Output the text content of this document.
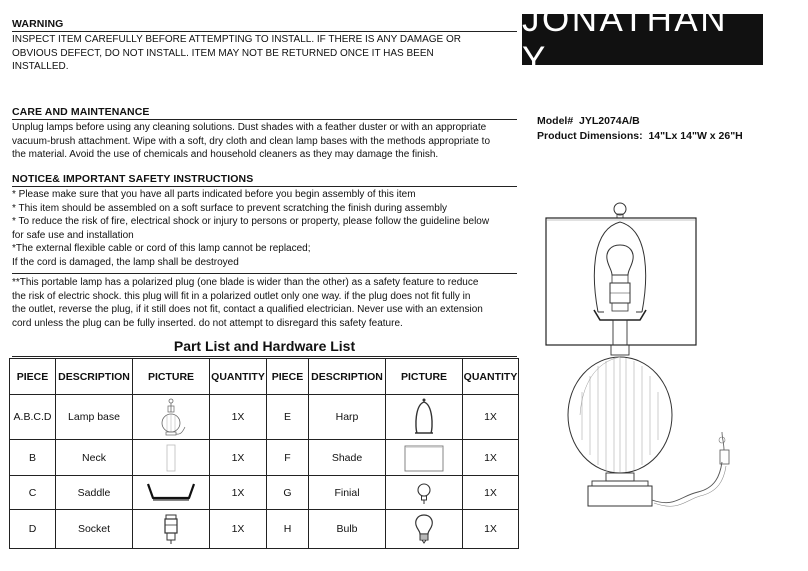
WARNING
INSPECT ITEM CAREFULLY BEFORE ATTEMPTING TO INSTALL. IF THERE IS ANY DAMAGE OR
OBVIOUS DEFECT, DO NOT INSTALL. ITEM MAY NOT BE RETURNED ONCE IT HAS BEEN
INSTALLED.
CARE AND MAINTENANCE
Unplug lamps before using any cleaning solutions. Dust shades with a feather duster or with an appropriate
vacuum-brush attachment. Wipe with a soft, dry cloth and clean lamp bases with the methods appropriate to
the material. Avoid the use of chemicals and household cleaners as they may damage the finish.
NOTICE& IMPORTANT SAFETY INSTRUCTIONS
* Please make sure that you have all parts indicated before you begin assembly of this item
* This item should be assembled on a soft surface to prevent scratching the finish during assembly
* To reduce the risk of fire, electrical shock or injury to persons or property, please follow the guideline below
for safe use and installation
*The external flexible cable or cord of this lamp cannot be replaced;
If the cord is damaged, the lamp shall be destroyed
**This portable lamp has a polarized plug (one blade is wider than the other) as a safety feature to reduce
the risk of electric shock. this plug will fit in a polarized outlet only one way. if the plug does not fit fully in
the outlet, reverse the plug, if it still does not fit, contact a qualified electrician. Never use with an extension
cord unless the plug can be fully inserted. do not attempt to disregard this safety feature.
JONATHAN Y
Model# JYL2074A/B
Product Dimensions: 14"Lx 14"W x 26"H
Part List and Hardware List
PIECE	DESCRIPTION	PICTURE	QUANTITY	PIECE	DESCRIPTION	PICTURE	QUANTITY
A.B.C.D	Lamp base		1X	E	Harp		1X
B	Neck		1X	F	Shade		1X
C	Saddle		1X	G	Finial		1X
D	Socket		1X	H	Bulb		1X
